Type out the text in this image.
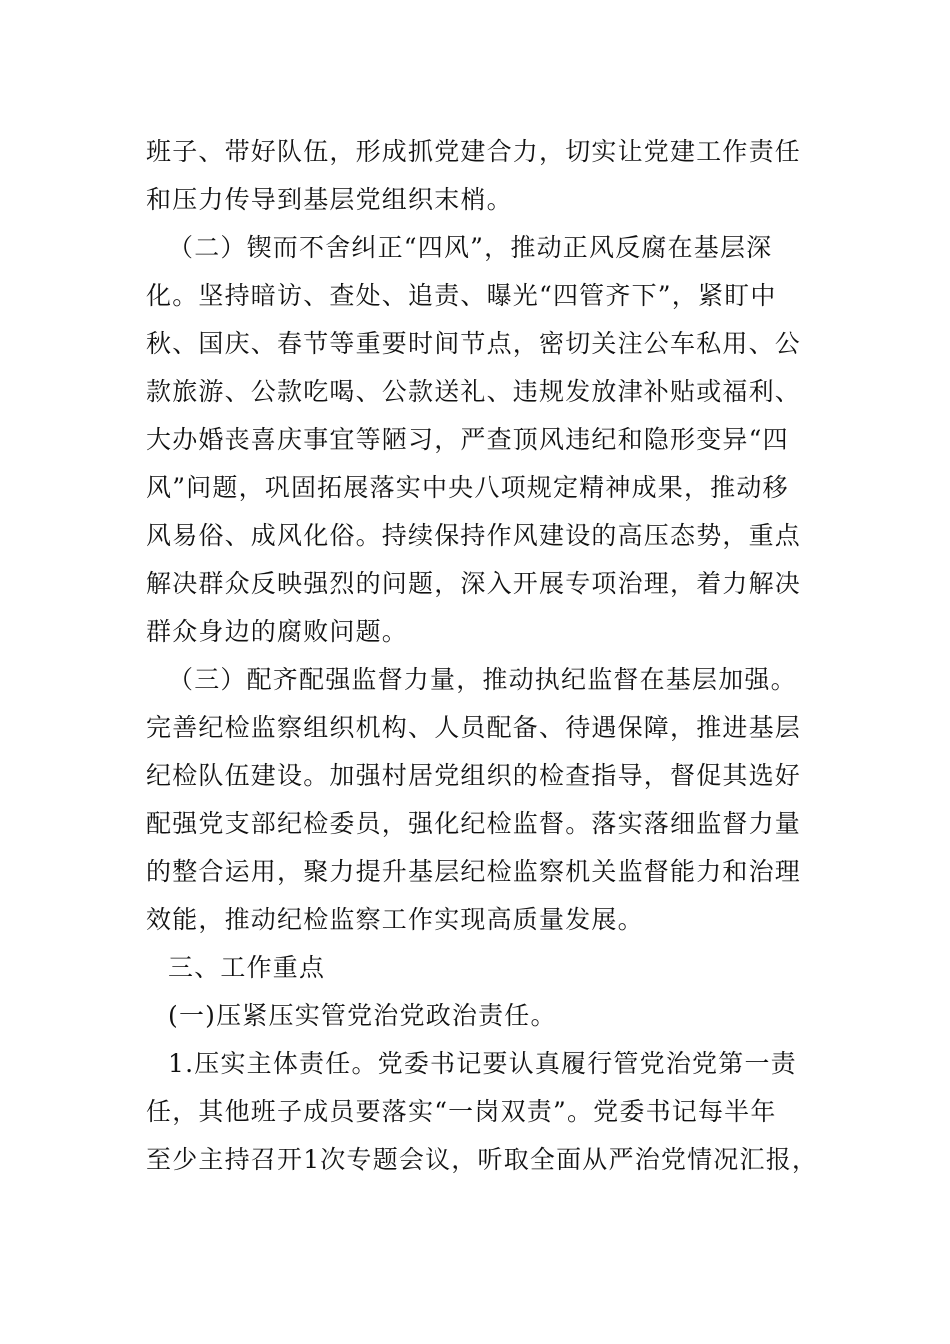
班子、带好队伍，形成抓党建合力，切实让党建工作责任
和压力传导到基层党组织末梢。
（二）锲而不舍纠正“四风”，推动正风反腐在基层深
化。坚持暗访、查处、追责、曝光“四管齐下”，紧盯中
秋、国庆、春节等重要时间节点，密切关注公车私用、公
款旅游、公款吃喝、公款送礼、违规发放津补贴或福利、
大办婚丧喜庆事宜等陋习，严查顶风违纪和隐形变异“四
风”问题，巩固拓展落实中央八项规定精神成果，推动移
风易俗、成风化俗。持续保持作风建设的高压态势，重点
解决群众反映强烈的问题，深入开展专项治理，着力解决
群众身边的腐败问题。
（三）配齐配强监督力量，推动执纪监督在基层加强。
完善纪检监察组织机构、人员配备、待遇保障，推进基层
纪检队伍建设。加强村居党组织的检查指导，督促其选好
配强党支部纪检委员，强化纪检监督。落实落细监督力量
的整合运用，聚力提升基层纪检监察机关监督能力和治理
效能，推动纪检监察工作实现高质量发展。
三、工作重点
(一)压紧压实管党治党政治责任。
1.压实主体责任。党委书记要认真履行管党治党第一责
任，其他班子成员要落实“一岗双责”。党委书记每半年
至少主持召开1次专题会议，听取全面从严治党情况汇报，
